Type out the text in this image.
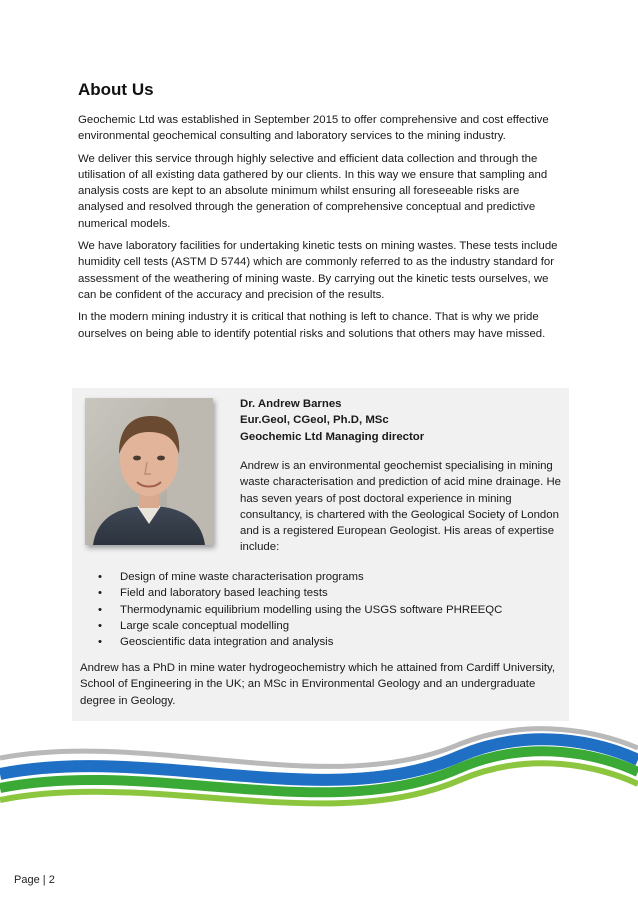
About Us

Geochemic Ltd was established in September 2015 to offer comprehensive and cost effective environmental geochemical consulting and laboratory services to the mining industry.

We deliver this service through highly selective and efficient data collection and through the utilisation of all existing data gathered by our clients. In this way we ensure that sampling and analysis costs are kept to an absolute minimum whilst ensuring all foreseeable risks are analysed and resolved through the generation of comprehensive conceptual and predictive numerical models.

We have laboratory facilities for undertaking kinetic tests on mining wastes. These tests include humidity cell tests (ASTM D 5744) which are commonly referred to as the industry standard for assessment of the weathering of mining waste. By carrying out the kinetic tests ourselves, we can be confident of the accuracy and precision of the results.

In the modern mining industry it is critical that nothing is left to chance. That is why we pride ourselves on being able to identify potential risks and solutions that others may have missed.

Dr. Andrew Barnes
Eur.Geol, CGeol, Ph.D, MSc
Geochemic Ltd Managing director

Andrew is an environmental geochemist specialising in mining waste characterisation and prediction of acid mine drainage. He has seven years of post doctoral experience in mining consultancy, is chartered with the Geological Society of London and is a registered European Geologist. His areas of expertise include:

• Design of mine waste characterisation programs
• Field and laboratory based leaching tests
• Thermodynamic equilibrium modelling using the USGS software PHREEQC
• Large scale conceptual modelling
• Geoscientific data integration and analysis

Andrew has a PhD in mine water hydrogeochemistry which he attained from Cardiff University, School of Engineering in the UK; an MSc in Environmental Geology and an undergraduate degree in Geology.

Page | 2
